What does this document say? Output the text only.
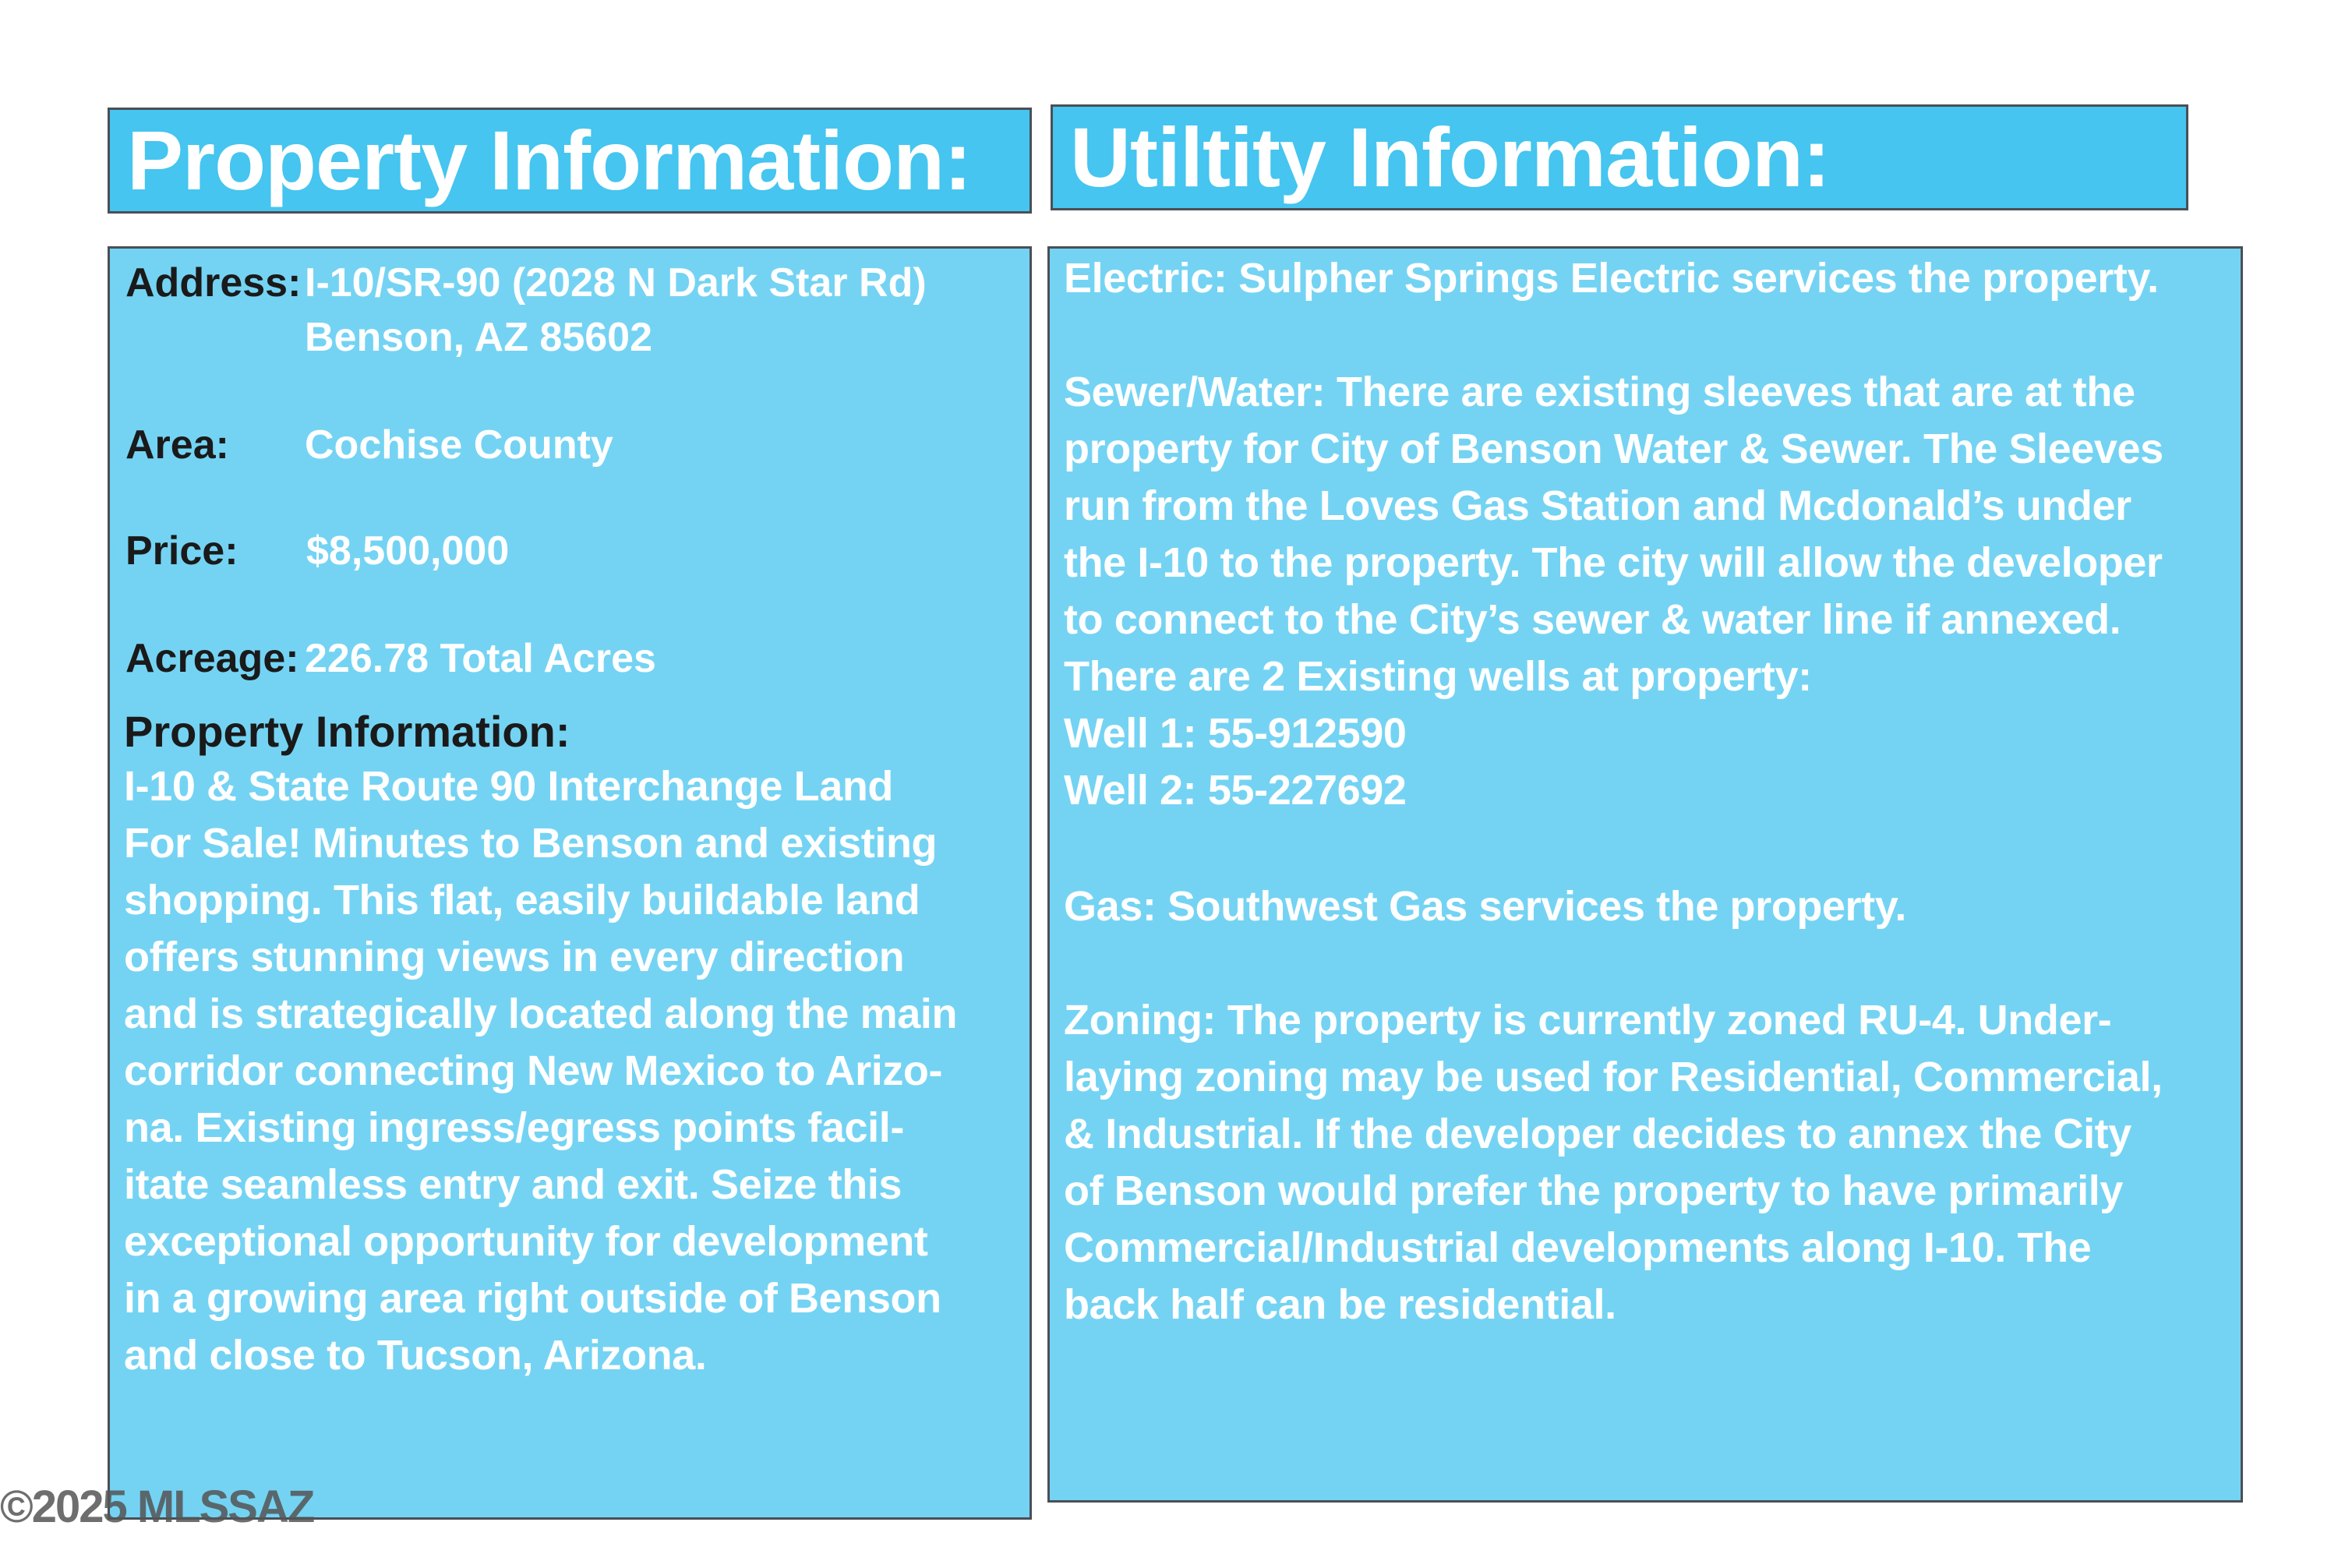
Property Information: Utiltity Information:
Address: I-10/SR-90 (2028 N Dark Star Rd)
Benson, AZ 85602
Area: Cochise County
Price: $8,500,000
Acreage: 226.78 Total Acres
Property Information:

I-10 & State Route 90 Interchange Land
For Sale! Minutes to Benson and existing
shopping. This flat, easily buildable land
offers stunning views in every direction
and is strategically located along the main
corridor connecting New Mexico to Arizo-
na. Existing ingress/egress points facil-
itate seamless entry and exit. Seize this
exceptional opportunity for development
in a growing area right outside of Benson
and close to Tucson, Arizona.

Electric: Sulpher Springs Electric services the property.

Sewer/Water: There are existing sleeves that are at the
property for City of Benson Water & Sewer. The Sleeves
run from the Loves Gas Station and Mcdonald’s under
the I-10 to the property. The city will allow the developer
to connect to the City’s sewer & water line if annexed.
There are 2 Existing wells at property:
Well 1: 55-912590
Well 2: 55-227692

Gas: Southwest Gas services the property.

Zoning: The property is currently zoned RU-4. Under-
laying zoning may be used for Residential, Commercial,
& Industrial. If the developer decides to annex the City
of Benson would prefer the property to have primarily
Commercial/Industrial developments along I-10. The
back half can be residential.

©2025 MLSSAZ
